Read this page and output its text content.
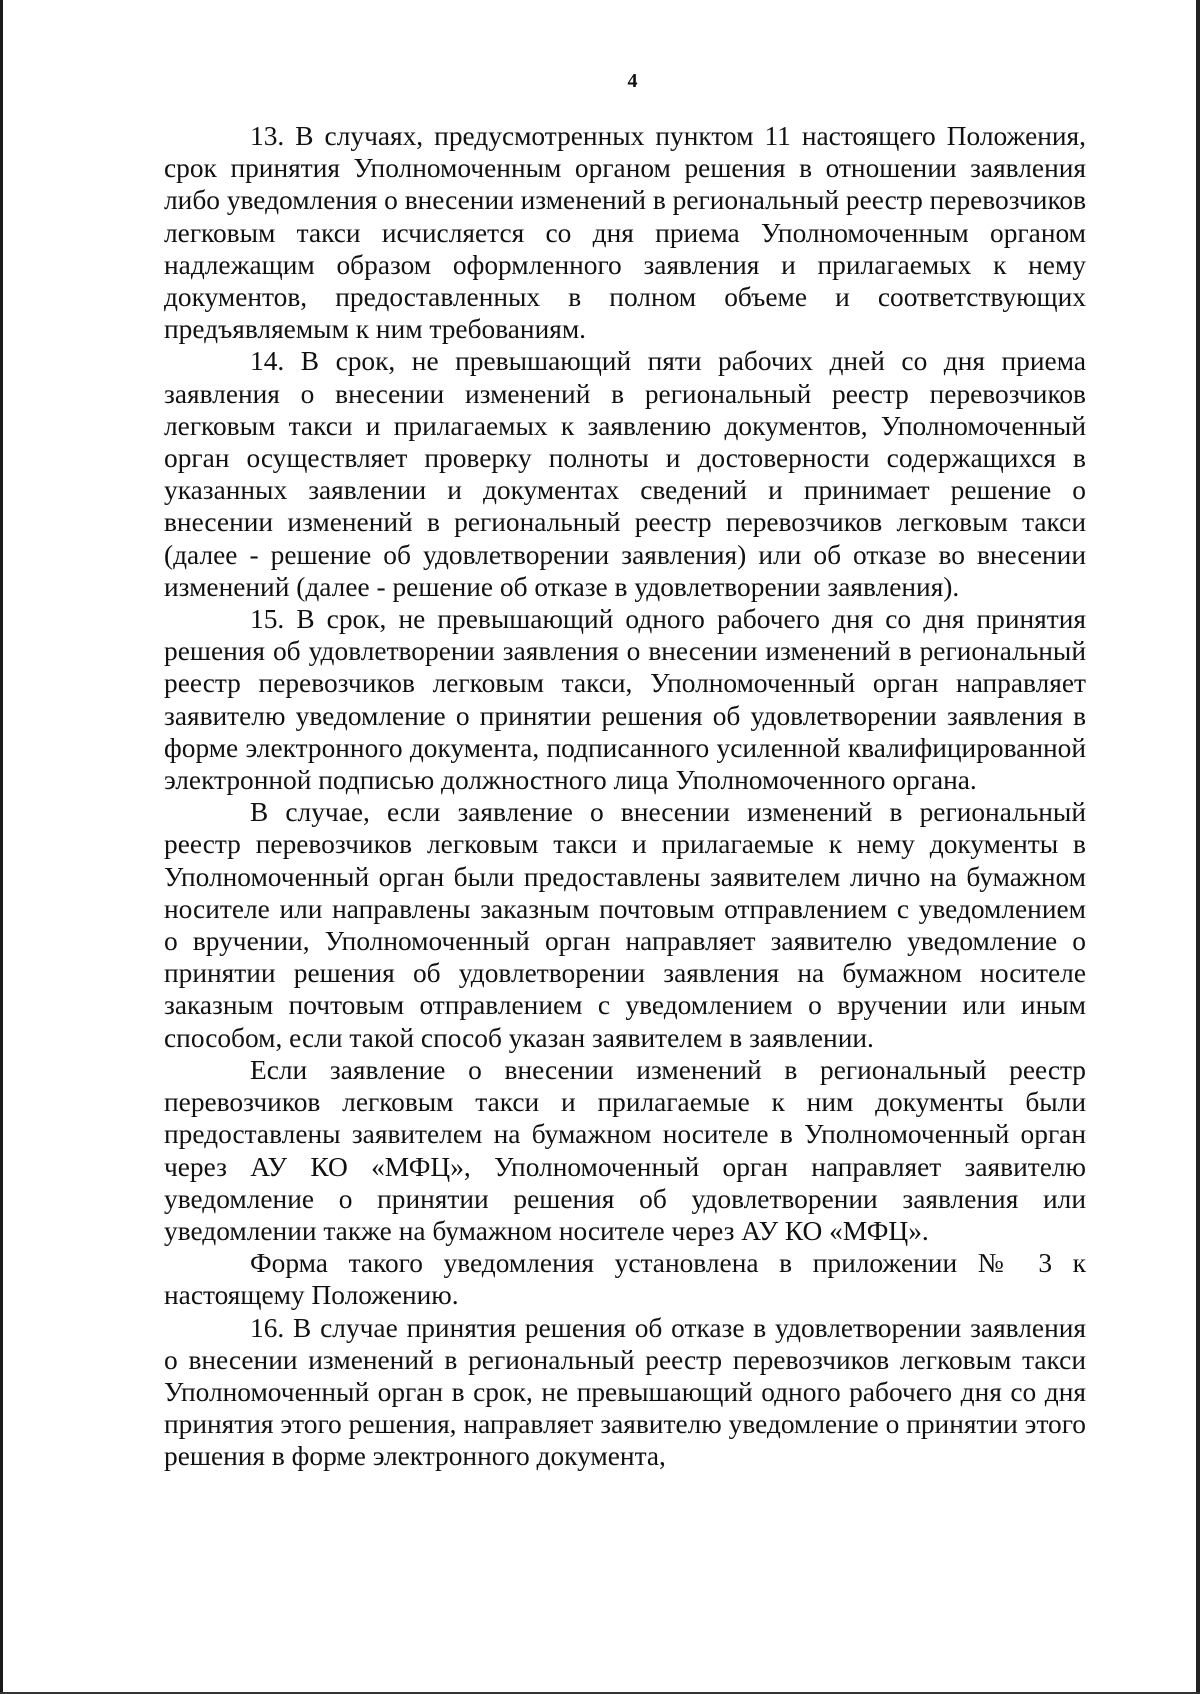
4

13. В случаях, предусмотренных пунктом 11 настоящего Положения, срок принятия Уполномоченным органом решения в отношении заявления либо уведомления о внесении изменений в региональный реестр перевозчиков легковым такси исчисляется со дня приема Уполномоченным органом надлежащим образом оформленного заявления и прилагаемых к нему документов, предоставленных в полном объеме и соответствующих предъявляемым к ним требованиям.

14. В срок, не превышающий пяти рабочих дней со дня приема заявления о внесении изменений в региональный реестр перевозчиков легковым такси и прилагаемых к заявлению документов, Уполномоченный орган осуществляет проверку полноты и достоверности содержащихся в указанных заявлении и документах сведений и принимает решение о внесении изменений в региональный реестр перевозчиков легковым такси (далее - решение об удовлетворении заявления) или об отказе во внесении изменений (далее - решение об отказе в удовлетворении заявления).

15. В срок, не превышающий одного рабочего дня со дня принятия решения об удовлетворении заявления о внесении изменений в региональный реестр перевозчиков легковым такси, Уполномоченный орган направляет заявителю уведомление о принятии решения об удовлетворении заявления в форме электронного документа, подписанного усиленной квалифицированной электронной подписью должностного лица Уполномоченного органа.

В случае, если заявление о внесении изменений в региональный реестр перевозчиков легковым такси и прилагаемые к нему документы в Уполномоченный орган были предоставлены заявителем лично на бумажном носителе или направлены заказным почтовым отправлением с уведомлением о вручении, Уполномоченный орган направляет заявителю уведомление о принятии решения об удовлетворении заявления на бумажном носителе заказным почтовым отправлением с уведомлением о вручении или иным способом, если такой способ указан заявителем в заявлении.

Если заявление о внесении изменений в региональный реестр перевозчиков легковым такси и прилагаемые к ним документы были предоставлены заявителем на бумажном носителе в Уполномоченный орган через АУ КО «МФЦ», Уполномоченный орган направляет заявителю уведомление о принятии решения об удовлетворении заявления или уведомлении также на бумажном носителе через АУ КО «МФЦ».

Форма такого уведомления установлена в приложении № 3 к настоящему Положению.

16. В случае принятия решения об отказе в удовлетворении заявления о внесении изменений в региональный реестр перевозчиков легковым такси Уполномоченный орган в срок, не превышающий одного рабочего дня со дня принятия этого решения, направляет заявителю уведомление о принятии этого решения в форме электронного документа,
